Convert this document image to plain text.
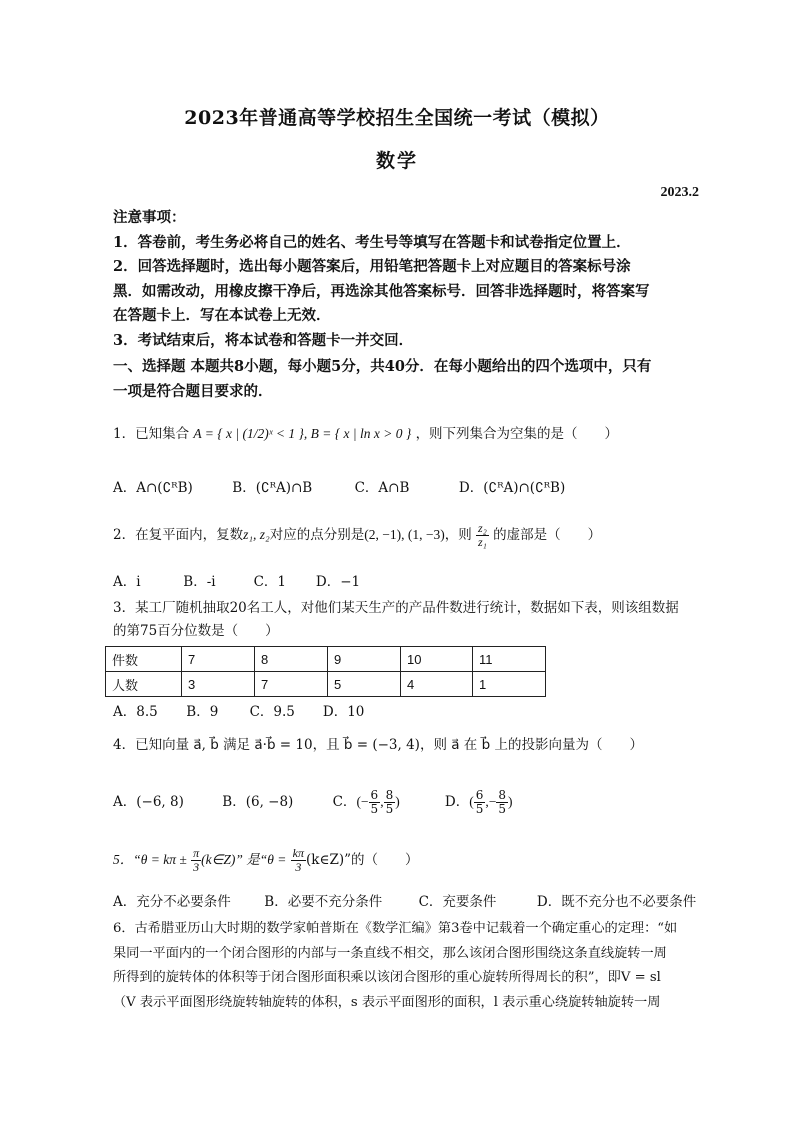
2023年普通高等学校招生全国统一考试（模拟）
数学
2023.2

注意事项：

1．答卷前，考生务必将自己的姓名、考生号等填写在答题卡和试卷指定位置上．

2．回答选择题时，选出每小题答案后，用铅笔把答题卡上对应题目的答案标号涂

黑．如需改动，用橡皮擦干净后，再选涂其他答案标号．回答非选择题时，将答案写

在答题卡上．写在本试卷上无效．

3．考试结束后，将本试卷和答题卡一并交回．

一、选择题 本题共8小题，每小题5分，共40分．在每小题给出的四个选项中，只有
一项是符合题目要求的．
1．已知集合 A = { x | (1/2)ˣ < 1 }, B = { x | ln x > 0 } ，则下列集合为空集的是（　　）
A．A∩(∁ᴿB)	B．(∁ᴿA)∩B	C．A∩B	D．(∁ᴿA)∩(∁ᴿB)
2．在复平面内，复数z₁, z₂对应的点分别是(2, −1), (1, −3)，则 $\frac{\text{z₂}}{\text{z₁}}$ 的虚部是（　　）
A．i	B．-i	C．1 D．−1
3．某工厂随机抽取20名工人，对他们某天生产的产品件数进行统计，数据如下表，则该组数据
的第75百分位数是（　　）
件数	7	8	9	10	11
人数	3	7	5	4	1
A．8.5 B．9 C．9.5 D．10
4．已知向量 a⃗, b⃗ 满足 a⃗·b⃗ = 10，且 b⃗ = (−3, 4)，则 a⃗ 在 b⃗ 上的投影向量为（　　）
A．(−6, 8)	B．(6, −8)	C．(− $\frac{6}{5}$ , $\frac{8}{5}$ )	D．( $\frac{6}{5}$ ,− $\frac{8}{5}$ )
5．“$\theta = k\pi \pm \frac{\pi}{3}$ (k∈Z)” 是“$\theta = \frac{k\pi}{3}$ (k∈Z)”的（　　）
A．充分不必要条件 B．必要不充分条件	C．充要条件	D．既不充分也不必要条件
6．古希腊亚历山大时期的数学家帕普斯在《数学汇编》第3卷中记载着一个确定重心的定理：“如
果同一平面内的一个闭合图形的内部与一条直线不相交，那么该闭合图形围绕这条直线旋转一周
所得到的旋转体的体积等于闭合图形面积乘以该闭合图形的重心旋转所得周长的积”，即V = sl
（V 表示平面图形绕旋转轴旋转的体积，s 表示平面图形的面积，l 表示重心绕旋转轴旋转一周
